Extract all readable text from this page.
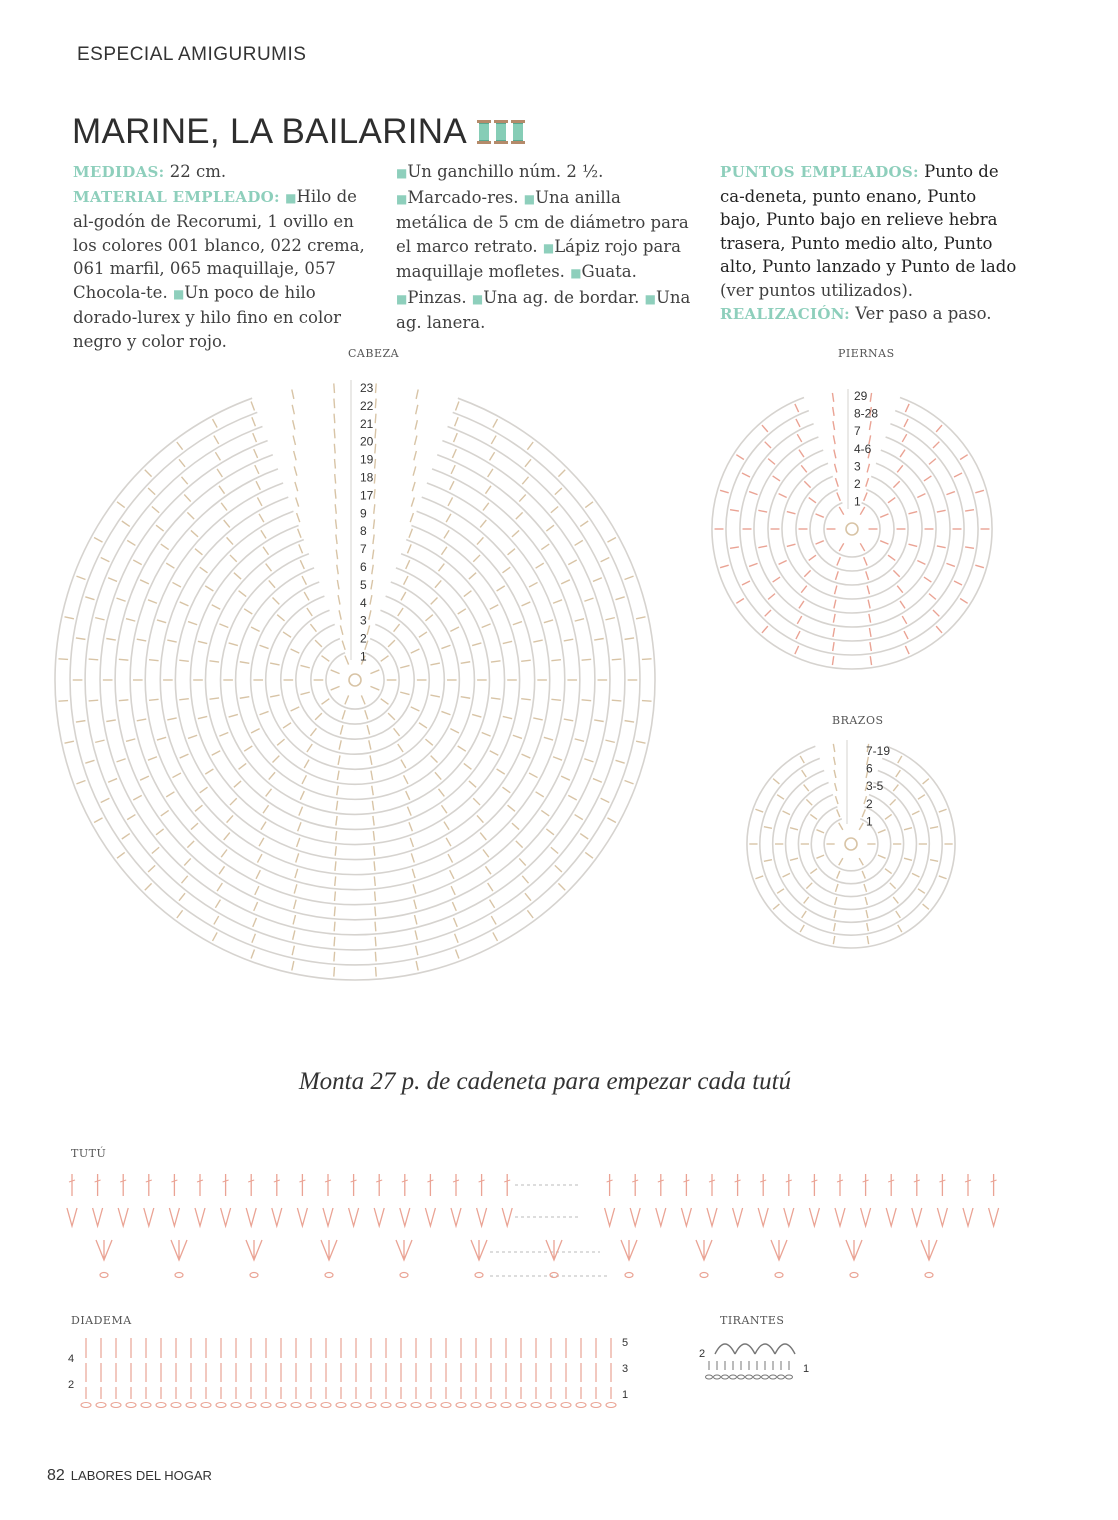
ESPECIAL AMIGURUMIS
MARINE, LA BAILARINA
MEDIDAS: 22 cm.
MATERIAL EMPLEADO: ■Hilo de al-godón de Recorumi, 1 ovillo en los colores 001 blanco, 022 crema, 061 marfil, 065 maquillaje, 057 Chocola-te. ■Un poco de hilo dorado-lurex y hilo fino en color negro y color rojo.
■Un ganchillo núm. 2 ½. ■Marcado-res. ■Una anilla metálica de 5 cm de diámetro para el marco retrato. ■Lápiz rojo para maquillaje mofletes. ■Guata. ■Pinzas. ■Una ag. de bordar. ■Una ag. lanera.
PUNTOS EMPLEADOS: Punto de ca-deneta, punto enano, Punto bajo, Punto bajo en relieve hebra trasera, Punto medio alto, Punto alto, Punto lanzado y Punto de lado (ver puntos utilizados).
REALIZACIÓN: Ver paso a paso.
CABEZA	PIERNAS
BRAZOS
TUTÚ
DIADEMA	TIRANTES
23
22
21
20
19
18
17
9
8
7
6
5
4
3
2
1
29
8-28
7
4-6
3
2
1
7-19
6
3-5
2
1
4
2
5
3
1
2
1
Monta 27 p. de cadeneta para empezar cada tutú
82 LABORES DEL HOGAR
